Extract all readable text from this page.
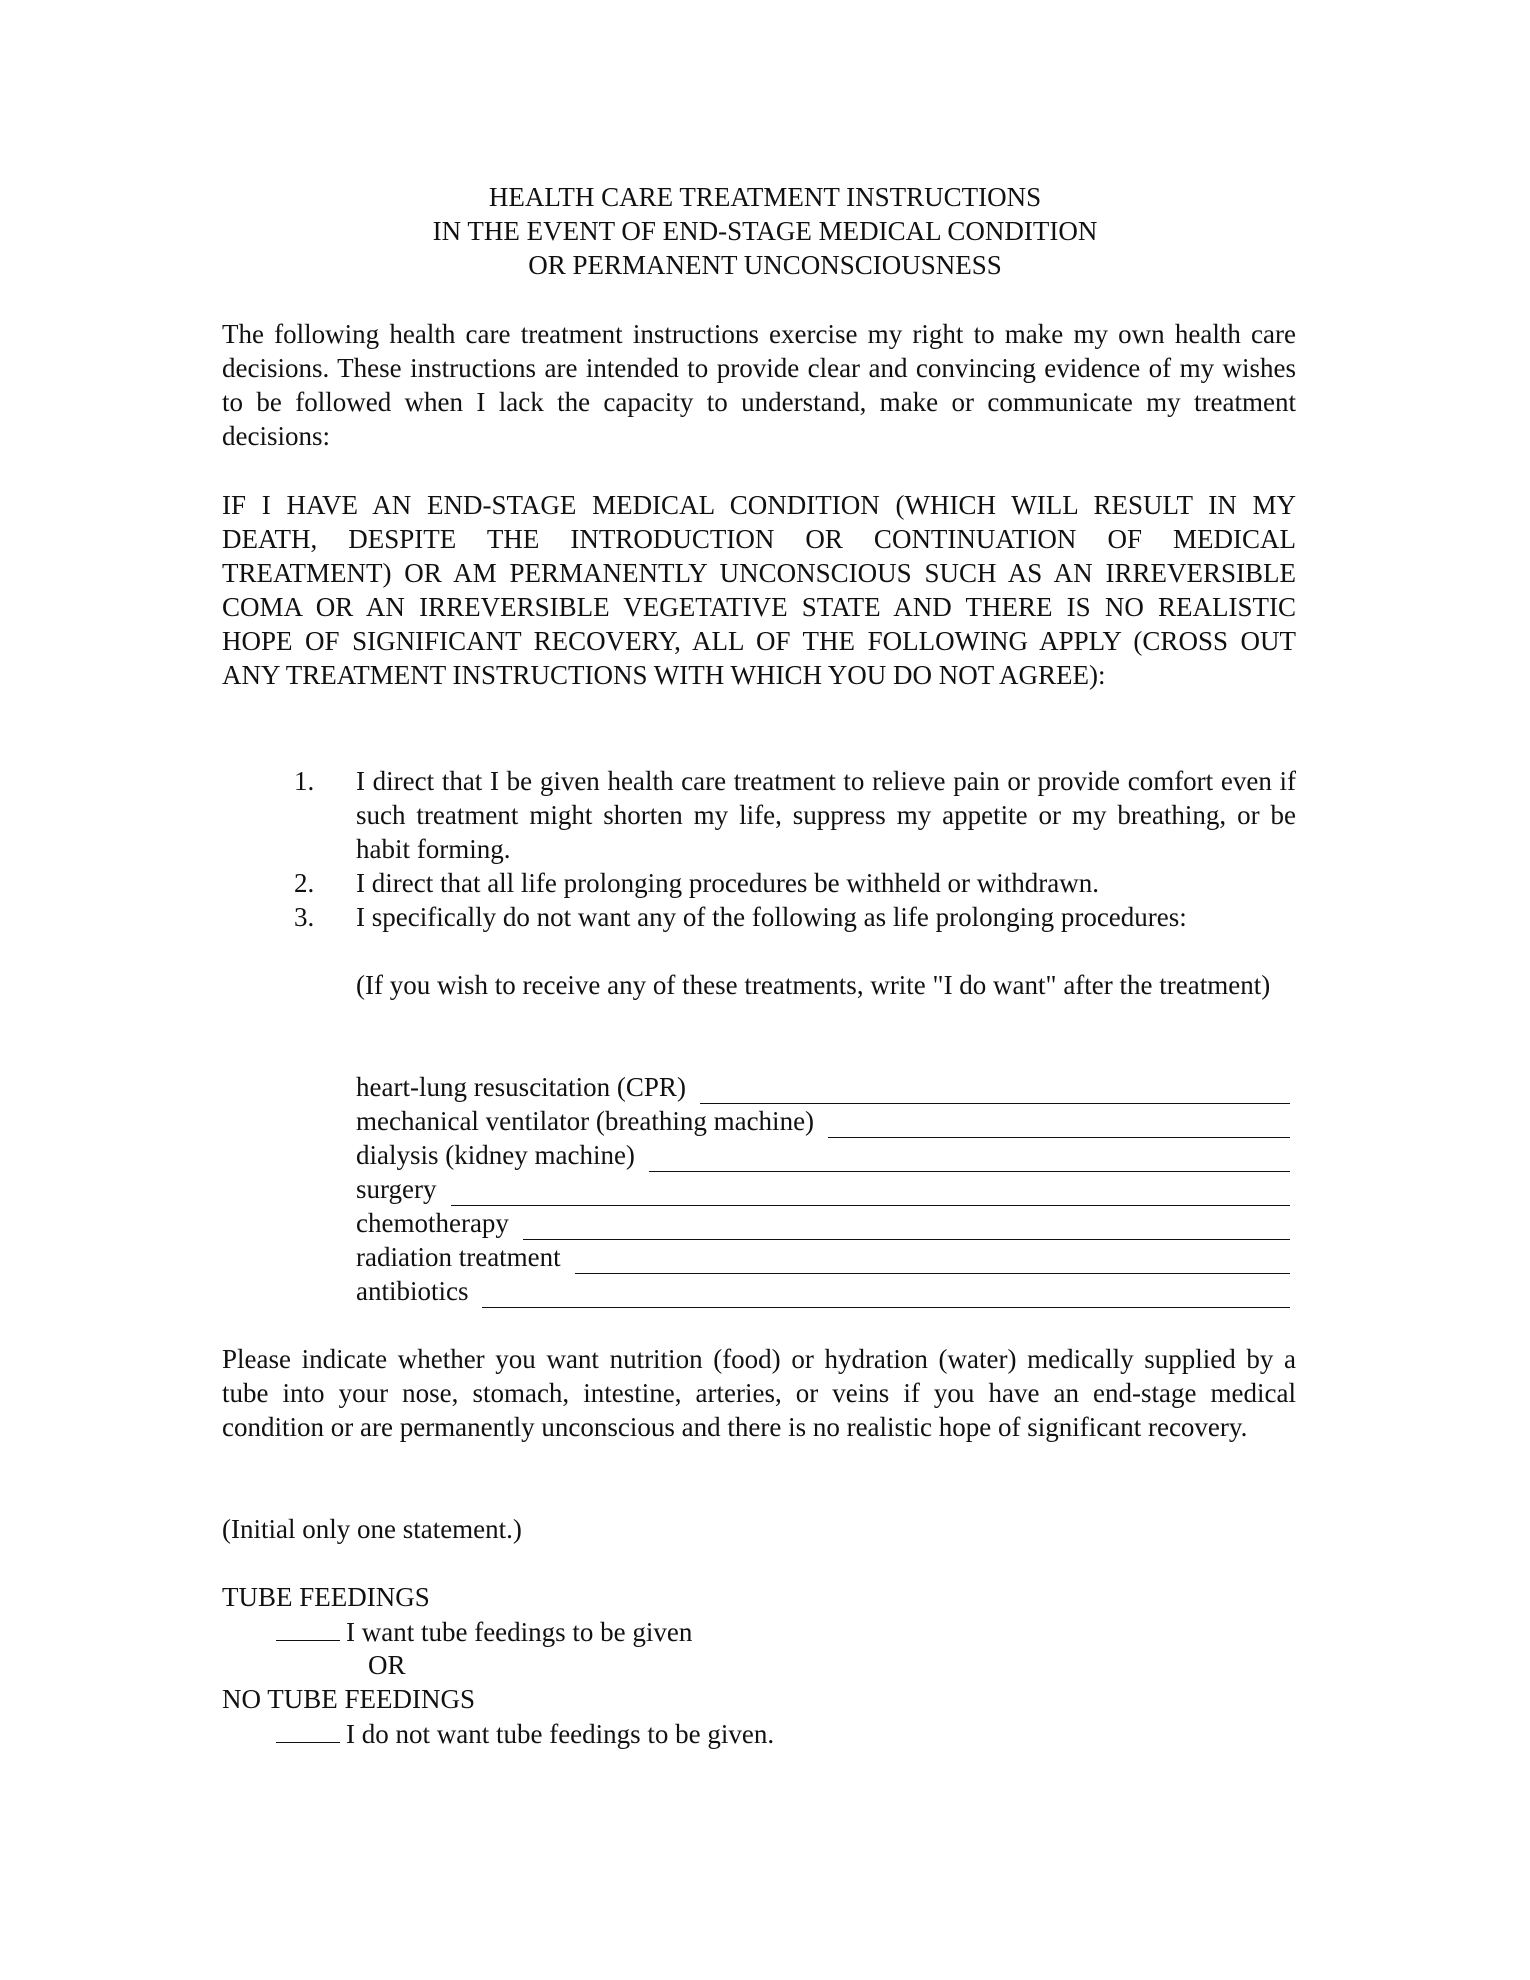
HEALTH CARE TREATMENT INSTRUCTIONS
IN THE EVENT OF END-STAGE MEDICAL CONDITION
OR PERMANENT UNCONSCIOUSNESS
The following health care treatment instructions exercise my right to make my own health care decisions. These instructions are intended to provide clear and convincing evidence of my wishes to be followed when I lack the capacity to understand, make or communicate my treatment decisions:
IF I HAVE AN END-STAGE MEDICAL CONDITION (WHICH WILL RESULT IN MY DEATH, DESPITE THE INTRODUCTION OR CONTINUATION OF MEDICAL TREATMENT) OR AM PERMANENTLY UNCONSCIOUS SUCH AS AN IRREVERSIBLE COMA OR AN IRREVERSIBLE VEGETATIVE STATE AND THERE IS NO REALISTIC HOPE OF SIGNIFICANT RECOVERY, ALL OF THE FOLLOWING APPLY (CROSS OUT ANY TREATMENT INSTRUCTIONS WITH WHICH YOU DO NOT AGREE):
1. I direct that I be given health care treatment to relieve pain or provide comfort even if such treatment might shorten my life, suppress my appetite or my breathing, or be habit forming.
2. I direct that all life prolonging procedures be withheld or withdrawn.
3. I specifically do not want any of the following as life prolonging procedures:
(If you wish to receive any of these treatments, write "I do want" after the treatment)
heart-lung resuscitation (CPR)
mechanical ventilator (breathing machine)
dialysis (kidney machine)
surgery
chemotherapy
radiation treatment
antibiotics
Please indicate whether you want nutrition (food) or hydration (water) medically supplied by a tube into your nose, stomach, intestine, arteries, or veins if you have an end-stage medical condition or are permanently unconscious and there is no realistic hope of significant recovery.
(Initial only one statement.)
TUBE FEEDINGS
I want tube feedings to be given
OR
NO TUBE FEEDINGS
I do not want tube feedings to be given.
